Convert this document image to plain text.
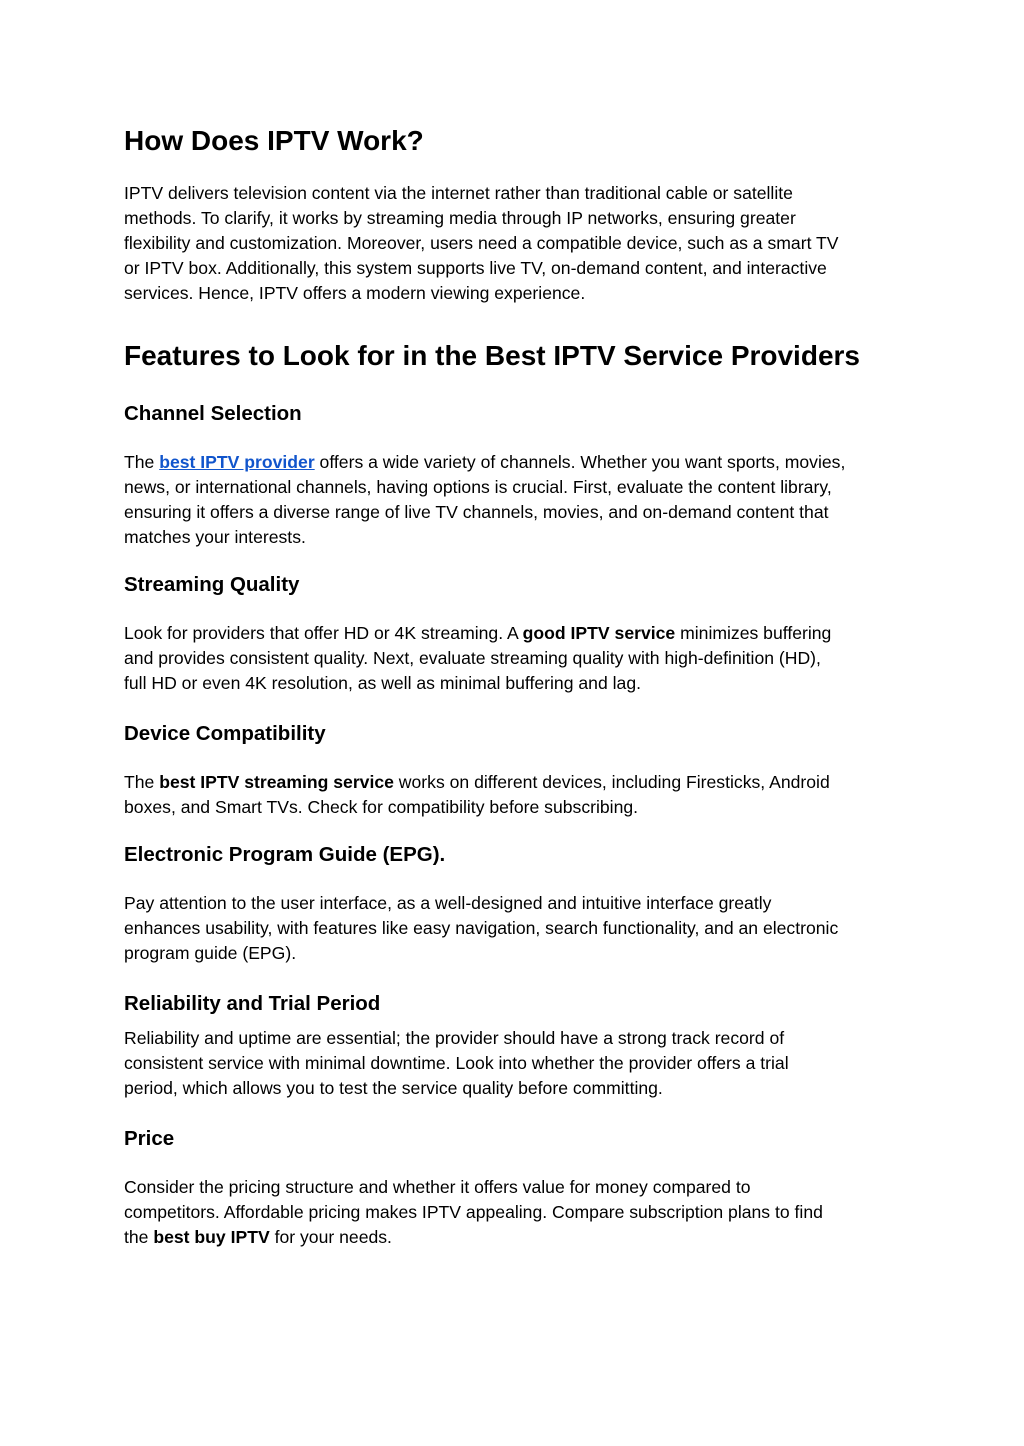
How Does IPTV Work?
IPTV delivers television content via the internet rather than traditional cable or satellite
methods. To clarify, it works by streaming media through IP networks, ensuring greater
flexibility and customization. Moreover, users need a compatible device, such as a smart TV
or IPTV box. Additionally, this system supports live TV, on-demand content, and interactive
services. Hence, IPTV offers a modern viewing experience.
Features to Look for in the Best IPTV Service Providers
Channel Selection
The best IPTV provider offers a wide variety of channels. Whether you want sports, movies,
news, or international channels, having options is crucial. First, evaluate the content library,
ensuring it offers a diverse range of live TV channels, movies, and on-demand content that
matches your interests.
Streaming Quality
Look for providers that offer HD or 4K streaming. A good IPTV service minimizes buffering
and provides consistent quality. Next, evaluate streaming quality with high-definition (HD),
full HD or even 4K resolution, as well as minimal buffering and lag.
Device Compatibility
The best IPTV streaming service works on different devices, including Firesticks, Android
boxes, and Smart TVs. Check for compatibility before subscribing.
Electronic Program Guide (EPG).
Pay attention to the user interface, as a well-designed and intuitive interface greatly
enhances usability, with features like easy navigation, search functionality, and an electronic
program guide (EPG).
Reliability and Trial Period
Reliability and uptime are essential; the provider should have a strong track record of
consistent service with minimal downtime. Look into whether the provider offers a trial
period, which allows you to test the service quality before committing.
Price
Consider the pricing structure and whether it offers value for money compared to
competitors. Affordable pricing makes IPTV appealing. Compare subscription plans to find
the best buy IPTV for your needs.
